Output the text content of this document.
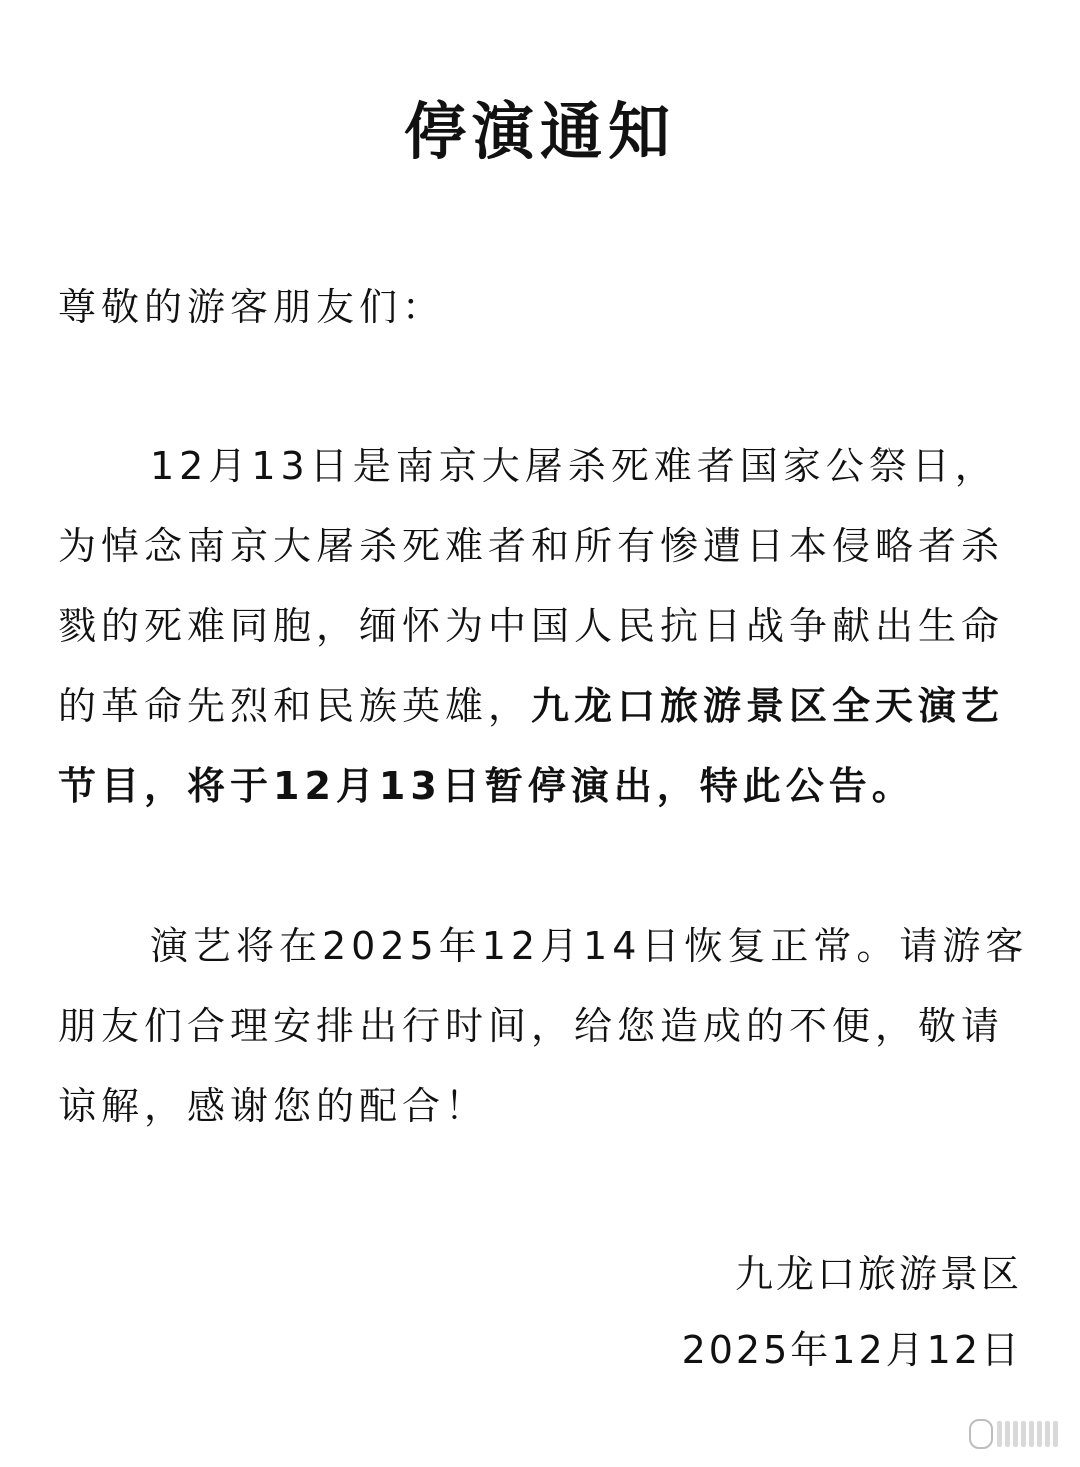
停演通知
尊敬的游客朋友们：

12月13日是南京大屠杀死难者国家公祭日，为悼念南京大屠杀死难者和所有惨遭日本侵略者杀戮的死难同胞，缅怀为中国人民抗日战争献出生命的革命先烈和民族英雄，九龙口旅游景区全天演艺节目，将于12月13日暂停演出，特此公告。

演艺将在2025年12月14日恢复正常。请游客朋友们合理安排出行时间，给您造成的不便，敬请谅解，感谢您的配合！

九龙口旅游景区
2025年12月12日
